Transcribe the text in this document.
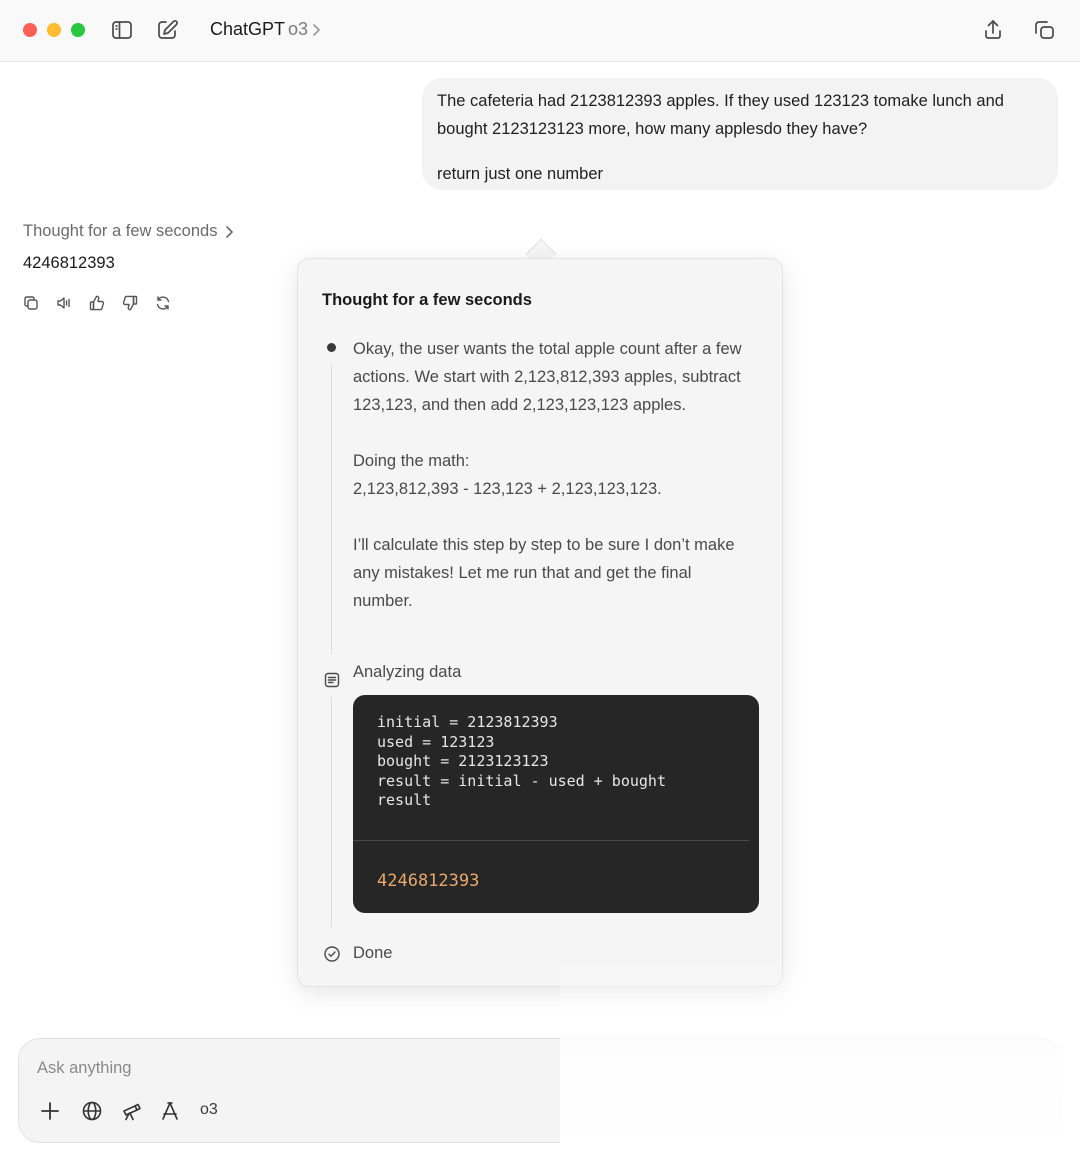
ChatGPT o3

The cafeteria had 2123812393 apples. If they used 123123 tomake lunch and bought 2123123123 more, how many applesdo they have?

return just one number

Thought for a few seconds
4246812393
Thought for a few seconds

Okay, the user wants the total apple count after a few actions. We start with 2,123,812,393 apples, subtract 123,123, and then add 2,123,123,123 apples.

Doing the math:
2,123,812,393 - 123,123 + 2,123,123,123.

I’ll calculate this step by step to be sure I don’t make any mistakes! Let me run that and get the final number.

Analyzing data
initial = 2123812393
used = 123123
bought = 2123123123
result = initial - used + bought
result
4246812393
Done
Ask anything
o3
